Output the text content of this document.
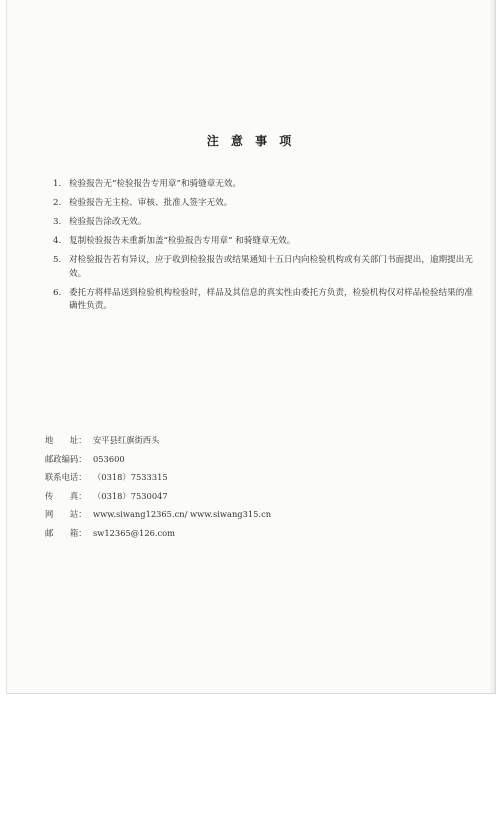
注 意 事 项
1. 检验报告无“检验报告专用章”和骑缝章无效。
2. 检验报告无主检、审核、批准人签字无效。
3. 检验报告涂改无效。
4. 复制检验报告未重新加盖“检验报告专用章” 和骑缝章无效。
5. 对检验报告若有异议，应于收到检验报告或结果通知十五日内向检验机构或有关部门书面提出，逾期提出无效。
6. 委托方将样品送到检验机构检验时，样品及其信息的真实性由委托方负责，检验机构仅对样品检验结果的准确性负责。
地　　址： 安平县红旗街西头
邮政编码： 053600
联系电话： （0318）7533315
传　　真： （0318）7530047
网　　站： www.siwang12365.cn/ www.siwang315.cn
邮　　箱： sw12365@126.com
